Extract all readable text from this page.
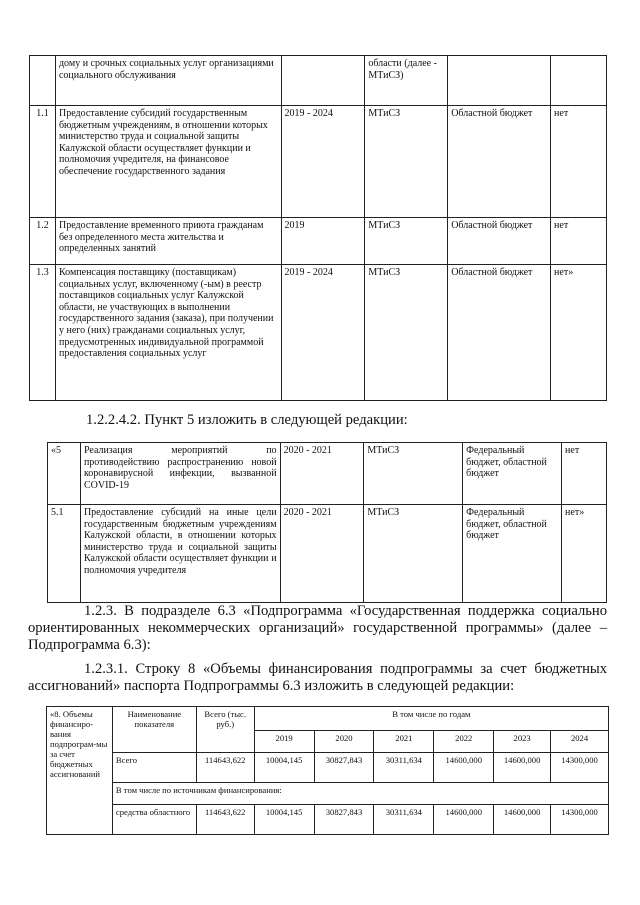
	дому и срочных социальных услуг организациями социального обслуживания		области (далее - МТиСЗ)		
1.1	Предоставление субсидий государственным бюджетным учреждениям, в отношении которых министерство труда и социальной защиты Калужской области осуществляет функции и полномочия учредителя, на финансовое обеспечение государственного задания	2019 - 2024	МТиСЗ	Областной бюджет	нет
1.2	Предоставление временного приюта гражданам без определенного места жительства и определенных занятий	2019	МТиСЗ	Областной бюджет	нет
1.3	Компенсация поставщику (поставщикам) социальных услуг, включенному (-ым) в реестр поставщиков социальных услуг Калужской области, не участвующих в выполнении государственного задания (заказа), при получении у него (них) гражданами социальных услуг, предусмотренных индивидуальной программой предоставления социальных услуг	2019 - 2024	МТиСЗ	Областной бюджет	нет»
1.2.2.4.2. Пункт 5 изложить в следующей редакции:
«5	Реализация мероприятий по противодействию распространению новой коронавирусной инфекции, вызванной COVID-19	2020 - 2021	МТиСЗ	Федеральный бюджет, областной бюджет	нет
5.1	Предоставление субсидий на иные цели государственным бюджетным учреждениям Калужской области, в отношении которых министерство труда и социальной защиты Калужской области осуществляет функции и полномочия учредителя	2020 - 2021	МТиСЗ	Федеральный бюджет, областной бюджет	нет»
1.2.3. В подразделе 6.3 «Подпрограмма «Государственная поддержка социально ориентированных некоммерческих организаций» государственной программы» (далее – Подпрограмма 6.3):
1.2.3.1. Строку 8 «Объемы финансирования подпрограммы за счет бюджетных ассигнований» паспорта Подпрограммы 6.3 изложить в следующей редакции:
«8. Объемы финансиро-вания подпрограм-мы за счет бюджетных ассигнований	Наименование показателя	Всего (тыс. руб.)	В том числе по годам					
			2019	2020	2021	2022	2023	2024
	Всего	114643,622	10004,145	30827,843	30311,634	14600,000	14600,000	14300,000
	В том числе по источникам финансирования:							
	средства областного	114643,622	10004,145	30827,843	30311,634	14600,000	14600,000	14300,000
